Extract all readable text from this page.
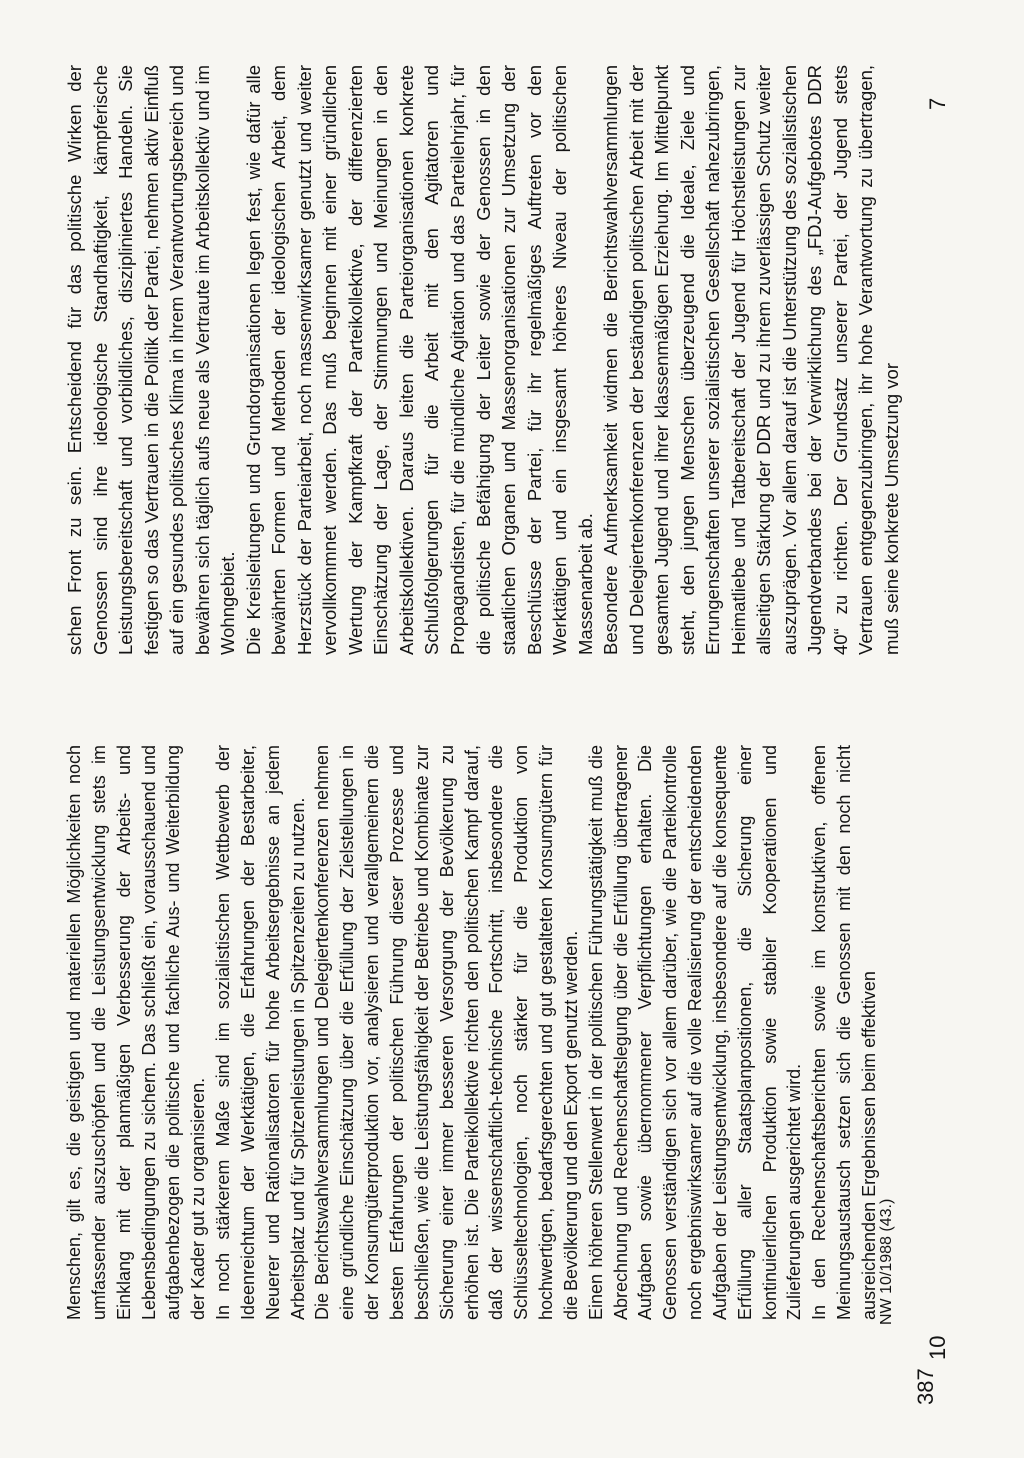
Menschen, gilt es, die geistigen und materiellen Möglichkeiten noch umfassender auszuschöpfen und die Leistungsentwicklung stets im Einklang mit der planmäßigen Verbesserung der Arbeits- und Lebensbedingungen zu sichern. Das schließt ein, vorausschauend und aufgabenbezogen die politische und fachliche Aus- und Weiterbildung der Kader gut zu organisieren. In noch stärkerem Maße sind im sozialistischen Wettbewerb der Ideenreichtum der Werktätigen, die Erfahrungen der Bestarbeiter, Neuerer und Rationalisatoren für hohe Arbeitsergebnisse an jedem Arbeitsplatz und für Spitzenleistungen in Spitzenzeiten zu nutzen. Die Berichtswahlversammlungen und Delegiertenkonferenzen nehmen eine gründliche Einschätzung über die Erfüllung der Zielstellungen in der Konsumgüterproduktion vor, analysieren und verallgemeinern die besten Erfahrungen der politischen Führung dieser Prozesse und beschließen, wie die Leistungsfähigkeit der Betriebe und Kombinate zur Sicherung einer immer besseren Versorgung der Bevölkerung zu erhöhen ist. Die Parteikollektive richten den politischen Kampf darauf, daß der wissenschaftlich-technische Fortschritt, insbesondere die Schlüsseltechnologien, noch stärker für die Produktion von hochwertigen, bedarfsgerechten und gut gestalteten Konsumgütern für die Bevölkerung und den Export genutzt werden. Einen höheren Stellenwert in der politischen Führungstätigkeit muß die Abrechnung und Rechenschaftslegung über die Erfüllung übertragener Aufgaben sowie übernommener Verpflichtungen erhalten. Die Genossen verständigen sich vor allem darüber, wie die Parteikontrolle noch ergebniswirksamer auf die volle Realisierung der entscheidenden Aufgaben der Leistungsentwicklung, insbesondere auf die konsequente Erfüllung aller Staatsplanpositionen, die Sicherung einer kontinuierlichen Produktion sowie stabiler Kooperationen und Zulieferungen ausgerichtet wird. In den Rechenschaftsberichten sowie im konstruktiven, offenen Meinungsaustausch setzen sich die Genossen mit den noch nicht ausreichenden Ergebnissen beim effektiven

schen Front zu sein. Entscheidend für das politische Wirken der Genossen sind ihre ideologische Standhaftigkeit, kämpferische Leistungsbereitschaft und vorbildliches, diszipliniertes Handeln. Sie festigen so das Vertrauen in die Politik der Partei, nehmen aktiv Einfluß auf ein gesundes politisches Klima in ihrem Verantwortungsbereich und bewähren sich täglich aufs neue als Vertraute im Arbeitskollektiv und im Wohngebiet. Die Kreisleitungen und Grundorganisationen legen fest, wie dafür alle bewährten Formen und Methoden der ideologischen Arbeit, dem Herzstück der Parteiarbeit, noch massenwirksamer genutzt und weiter vervollkommnet werden. Das muß beginnen mit einer gründlichen Wertung der Kampfkraft der Parteikollektive, der differenzierten Einschätzung der Lage, der Stimmungen und Meinungen in den Arbeitskollektiven. Daraus leiten die Parteiorganisationen konkrete Schlußfolgerungen für die Arbeit mit den Agitatoren und Propagandisten, für die mündliche Agitation und das Parteilehrjahr, für die politische Befähigung der Leiter sowie der Genossen in den staatlichen Organen und Massenorganisationen zur Umsetzung der Beschlüsse der Partei, für ihr regelmäßiges Auftreten vor den Werktätigen und ein insgesamt höheres Niveau der politischen Massenarbeit ab. Besondere Aufmerksamkeit widmen die Berichtswahlversammlungen und Delegiertenkonferenzen der beständigen politischen Arbeit mit der gesamten Jugend und ihrer klassenmäßigen Erziehung. Im Mittelpunkt steht, den jungen Menschen überzeugend die Ideale, Ziele und Errungenschaften unserer sozialistischen Gesellschaft nahezubringen, Heimatliebe und Tatbereitschaft der Jugend für Höchstleistungen zur allseitigen Stärkung der DDR und zu ihrem zuverlässigen Schutz weiter auszuprägen. Vor allem darauf ist die Unterstützung des sozialistischen Jugendverbandes bei der Verwirklichung des „FDJ-Aufgebotes DDR 40“ zu richten. Der Grundsatz unserer Partei, der Jugend stets Vertrauen entgegenzubringen, ihr hohe Verantwortung zu übertragen, muß seine konkrete Umsetzung vor

10
7
NW 10/1988 (43.)
387
